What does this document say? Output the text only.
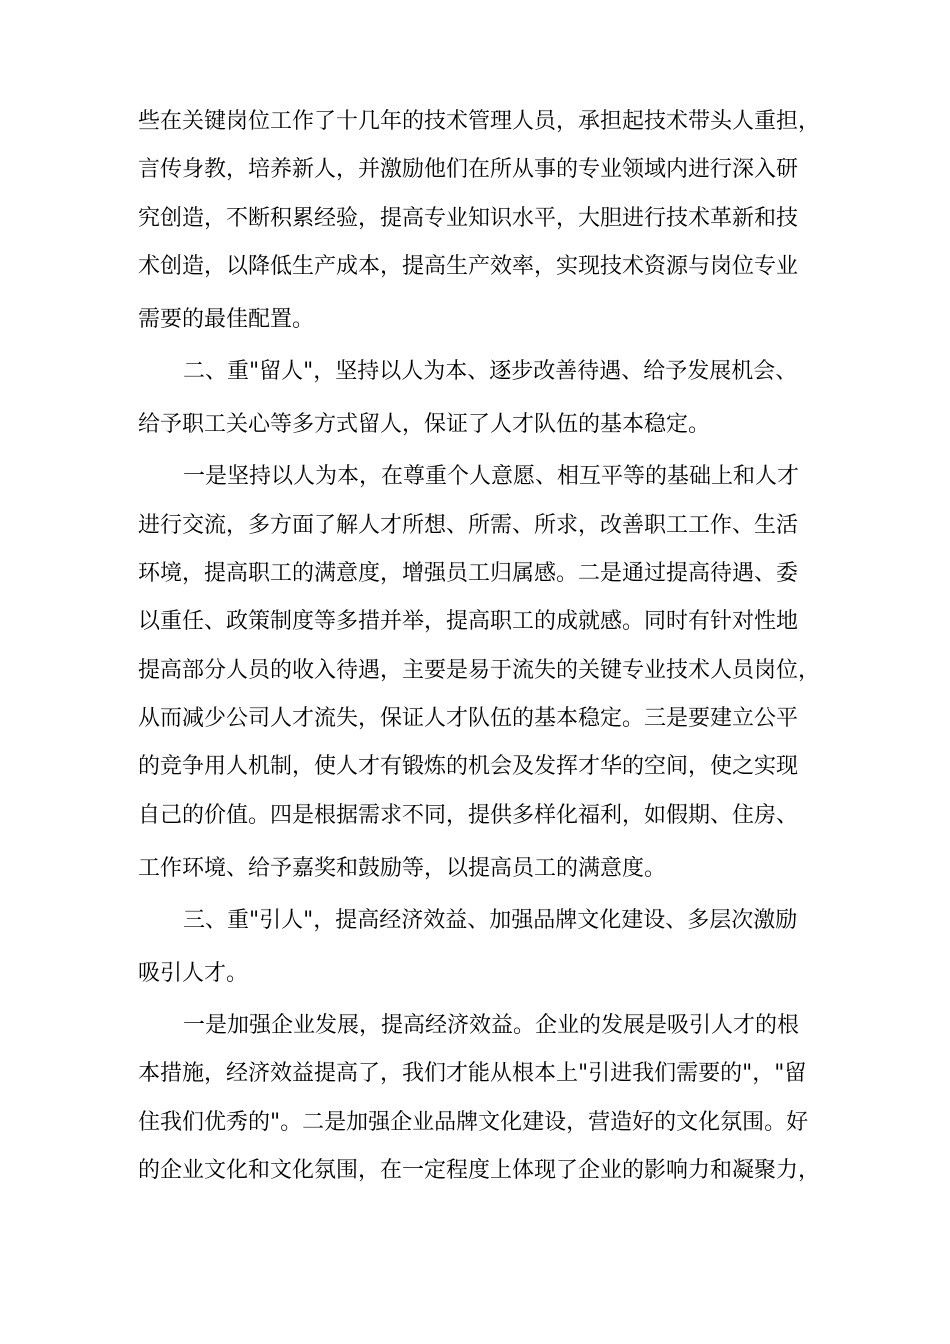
些在关键岗位工作了十几年的技术管理人员，承担起技术带头人重担，
言传身教，培养新人，并激励他们在所从事的专业领域内进行深入研
究创造，不断积累经验，提高专业知识水平，大胆进行技术革新和技
术创造，以降低生产成本，提高生产效率，实现技术资源与岗位专业
需要的最佳配置。
二、重"留人"，坚持以人为本、逐步改善待遇、给予发展机会、
给予职工关心等多方式留人，保证了人才队伍的基本稳定。
一是坚持以人为本，在尊重个人意愿、相互平等的基础上和人才
进行交流，多方面了解人才所想、所需、所求，改善职工工作、生活
环境，提高职工的满意度，增强员工归属感。二是通过提高待遇、委
以重任、政策制度等多措并举，提高职工的成就感。同时有针对性地
提高部分人员的收入待遇，主要是易于流失的关键专业技术人员岗位，
从而减少公司人才流失，保证人才队伍的基本稳定。三是要建立公平
的竞争用人机制，使人才有锻炼的机会及发挥才华的空间，使之实现
自己的价值。四是根据需求不同，提供多样化福利，如假期、住房、
工作环境、给予嘉奖和鼓励等，以提高员工的满意度。
三、重"引人"，提高经济效益、加强品牌文化建设、多层次激励
吸引人才。
一是加强企业发展，提高经济效益。企业的发展是吸引人才的根
本措施，经济效益提高了，我们才能从根本上"引进我们需要的"，"留
住我们优秀的"。二是加强企业品牌文化建设，营造好的文化氛围。好
的企业文化和文化氛围，在一定程度上体现了企业的影响力和凝聚力，
